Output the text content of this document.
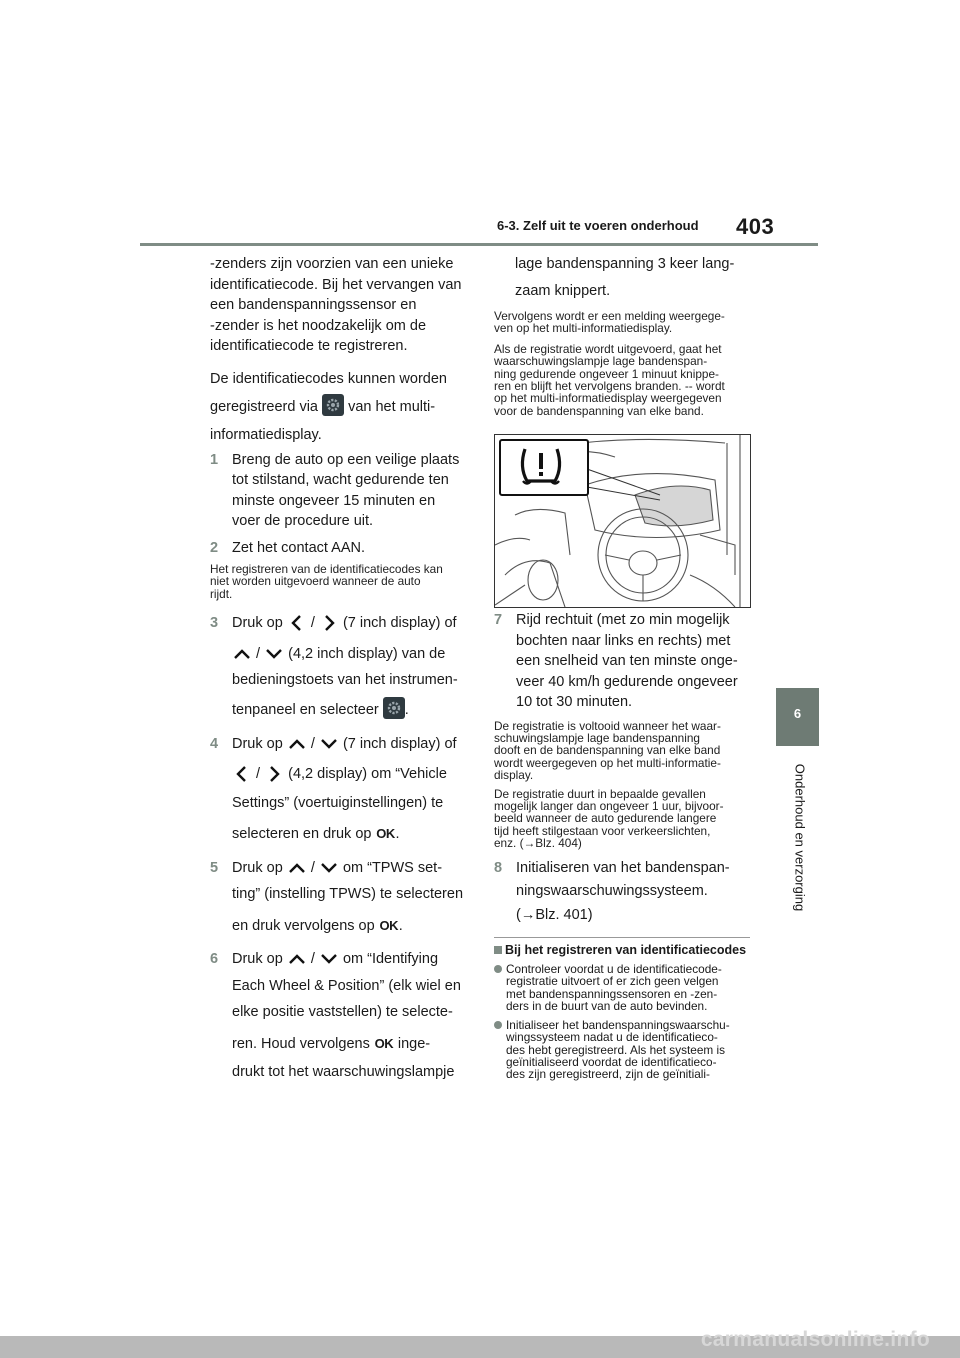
6-3. Zelf uit te voeren onderhoud 403
6
Onderhoud en verzorging

-zenders zijn voorzien van een unieke

identificatiecode. Bij het vervangen van

een bandenspanningssensor en

-zender is het noodzakelijk om de

identificatiecode te registreren.

De identificatiecodes kunnen worden

geregistreerd via van het multi-

informatiedisplay.

1 Breng de auto op een veilige plaats
tot stilstand, wacht gedurende ten
minste ongeveer 15 minuten en
voer de procedure uit.
2 Zet het contact AAN.

Het registreren van de identificatiecodes kan

niet worden uitgevoerd wanneer de auto

rijdt.

3 Druk op / (7 inch display) of
/ (4,2 inch display) van de
bedieningstoets van het instrumen-
tenpaneel en selecteer .
4 Druk op / (7 inch display) of
/ (4,2 display) om “Vehicle
Settings” (voertuiginstellingen) te
selecteren en druk op OK.
5 Druk op / om “TPWS set-
ting” (instelling TPWS) te selecteren
en druk vervolgens op OK.
6 Druk op / om “Identifying
Each Wheel & Position” (elk wiel en
elke positie vaststellen) te selecte-
ren. Houd vervolgens OK inge-
drukt tot het waarschuwingslampje

lage bandenspanning 3 keer lang-

zaam knippert.

Vervolgens wordt er een melding weergege-

ven op het multi-informatiedisplay.

Als de registratie wordt uitgevoerd, gaat het

waarschuwingslampje lage bandenspan-

ning gedurende ongeveer 1 minuut knippe-

ren en blijft het vervolgens branden. -- wordt

op het multi-informatiedisplay weergegeven

voor de bandenspanning van elke band.

7 Rijd rechtuit (met zo min mogelijk
bochten naar links en rechts) met
een snelheid van ten minste onge-
veer 40 km/h gedurende ongeveer
10 tot 30 minuten.

De registratie is voltooid wanneer het waar-

schuwingslampje lage bandenspanning

dooft en de bandenspanning van elke band

wordt weergegeven op het multi-informatie-

display.

De registratie duurt in bepaalde gevallen

mogelijk langer dan ongeveer 1 uur, bijvoor-

beeld wanneer de auto gedurende langere

tijd heeft stilgestaan voor verkeerslichten,

enz. (→Blz. 404)

8 Initialiseren van het bandenspan-
ningswaarschuwingssysteem.
(→Blz. 401)

Bij het registreren van identificatiecodes

Controleer voordat u de identificatiecode-
registratie uitvoert of er zich geen velgen
met bandenspanningssensoren en -zen-
ders in de buurt van de auto bevinden.
Initialiseer het bandenspanningswaarschu-
wingssysteem nadat u de identificatieco-
des hebt geregistreerd. Als het systeem is
geïnitialiseerd voordat de identificatieco-
des zijn geregistreerd, zijn de geïnitiali-
carmanualsonline.info
